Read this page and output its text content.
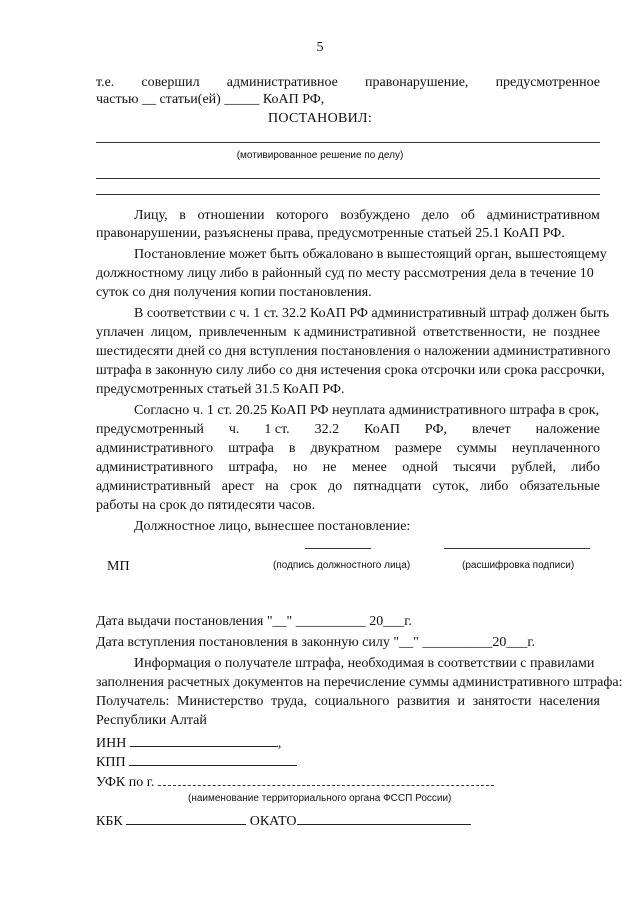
5
т.е. совершил административное правонарушение, предусмотренное
частью __ статьи(ей) _____ КоАП РФ,
ПОСТАНОВИЛ:
(мотивированное решение по делу)
Лицу, в отношении которого возбуждено дело об административном
правонарушении, разъяснены права, предусмотренные статьей 25.1 КоАП РФ.
Постановление может быть обжаловано в вышестоящий орган, вышестоящему
должностному лицу либо в районный суд по месту рассмотрения дела в течение 10
суток со дня получения копии постановления.
В соответствии с ч. 1 ст. 32.2 КоАП РФ административный штраф должен быть
уплачен лицом, привлеченным к административной ответственности, не позднее
шестидесяти дней со дня вступления постановления о наложении административного
штрафа в законную силу либо со дня истечения срока отсрочки или срока рассрочки,
предусмотренных статьей 31.5 КоАП РФ.
Согласно ч. 1 ст. 20.25 КоАП РФ неуплата административного штрафа в срок,
предусмотренный ч. 1 ст. 32.2 КоАП РФ, влечет наложение
административного штрафа в двукратном размере суммы неуплаченного
административного штрафа, но не менее одной тысячи рублей, либо
административный арест на срок до пятнадцати суток, либо обязательные
работы на срок до пятидесяти часов.
Должностное лицо, вынесшее постановление:
МП	(подпись должностного лица)	(расшифровка подписи)
Дата выдачи постановления "__" __________ 20___г.
Дата вступления постановления в законную силу "__" __________20___г.
Информация о получателе штрафа, необходимая в соответствии с правилами
заполнения расчетных документов на перечисление суммы административного штрафа:
Получатель: Министерство труда, социального развития и занятости населения
Республики Алтай
ИНН	,
КПП
УФК по г.
(наименование территориального органа ФССП России)
КБК	ОКАТО
